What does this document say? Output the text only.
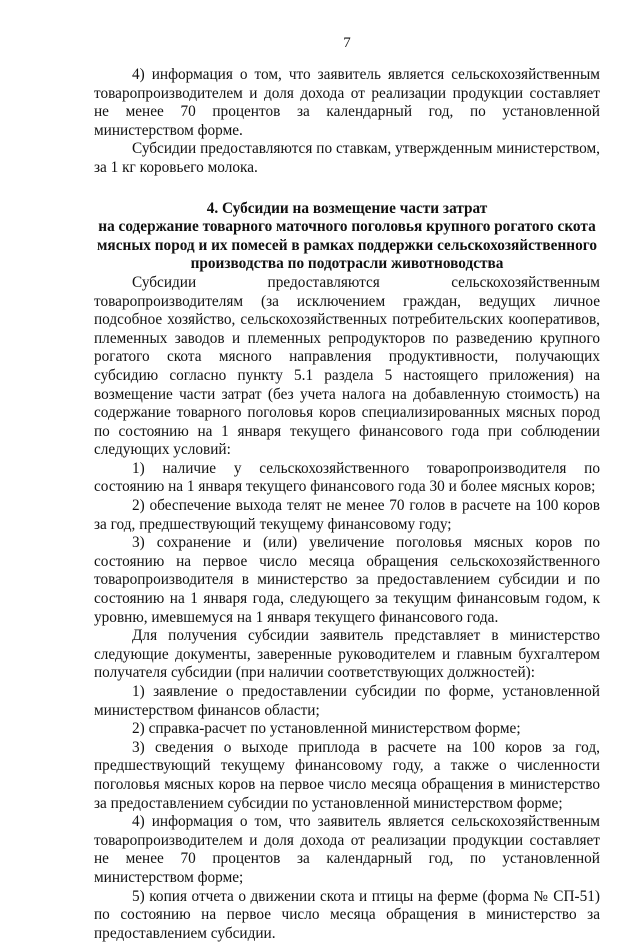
7

4) информация о том, что заявитель является сельскохозяйственным товаропроизводителем и доля дохода от реализации продукции составляет не менее 70 процентов за календарный год, по установленной министерством форме.

Субсидии предоставляются по ставкам, утвержденным министерством, за 1 кг коровьего молока.

4. Субсидии на возмещение части затрат

на содержание товарного маточного поголовья крупного рогатого скота

мясных пород и их помесей в рамках поддержки сельскохозяйственного

производства по подотрасли животноводства

Субсидии предоставляются сельскохозяйственным товаропроизводителям (за исключением граждан, ведущих личное подсобное хозяйство, сельскохозяйственных потребительских кооперативов, племенных заводов и племенных репродукторов по разведению крупного рогатого скота мясного направления продуктивности, получающих субсидию согласно пункту 5.1 раздела 5 настоящего приложения) на возмещение части затрат (без учета налога на добавленную стоимость) на содержание товарного поголовья коров специализированных мясных пород по состоянию на 1 января текущего финансового года при соблюдении следующих условий:

1) наличие у сельскохозяйственного товаропроизводителя по состоянию на 1 января текущего финансового года 30 и более мясных коров;

2) обеспечение выхода телят не менее 70 голов в расчете на 100 коров за год, предшествующий текущему финансовому году;

3) сохранение и (или) увеличение поголовья мясных коров по состоянию на первое число месяца обращения сельскохозяйственного товаропроизводителя в министерство за предоставлением субсидии и по состоянию на 1 января года, следующего за текущим финансовым годом, к уровню, имевшемуся на 1 января текущего финансового года.

Для получения субсидии заявитель представляет в министерство следующие документы, заверенные руководителем и главным бухгалтером получателя субсидии (при наличии соответствующих должностей):

1) заявление о предоставлении субсидии по форме, установленной министерством финансов области;

2) справка-расчет по установленной министерством форме;

3) сведения о выходе приплода в расчете на 100 коров за год, предшествующий текущему финансовому году, а также о численности поголовья мясных коров на первое число месяца обращения в министерство за предоставлением субсидии по установленной министерством форме;

4) информация о том, что заявитель является сельскохозяйственным товаропроизводителем и доля дохода от реализации продукции составляет не менее 70 процентов за календарный год, по установленной министерством форме;

5) копия отчета о движении скота и птицы на ферме (форма № СП-51) по состоянию на первое число месяца обращения в министерство за предоставлением субсидии.
